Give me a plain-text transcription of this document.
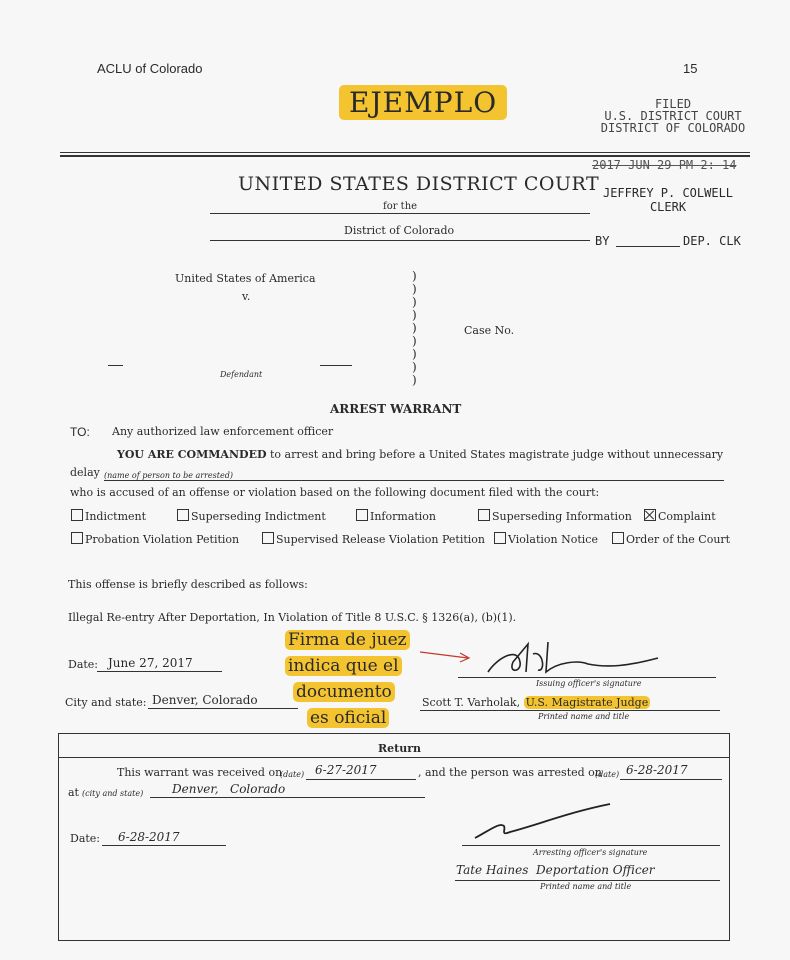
ACLU of Colorado	15
EJEMPLO	FILED
U.S. DISTRICT COURT
DISTRICT OF COLORADO
2017 JUN 29 PM 2: 14
JEFFREY P. COLWELL
CLERK
BY	DEP. CLK
UNITED STATES DISTRICT COURT
for the
District of Colorado
United States of America
v.
)
)
)
)
)
)
)
)
)
Case No.
Defendant
ARREST WARRANT
TO: Any authorized law enforcement officer
YOU ARE COMMANDED to arrest and bring before a United States magistrate judge without unnecessary
delay (name of person to be arrested)
who is accused of an offense or violation based on the following document filed with the court:
Indictment	Superseding Indictment	Information	Superseding Information	Complaint
Probation Violation Petition	Supervised Release Violation Petition	Violation Notice	Order of the Court
This offense is briefly described as follows:
Illegal Re-entry After Deportation, In Violation of Title 8 U.S.C. § 1326(a), (b)(1).
Date: June 27, 2017
City and state: Denver, Colorado
Firma de juez
indica que el
documento
es oficial
Issuing officer's signature
Scott T. Varholak, U.S. Magistrate Judge
Printed name and title
Return
This warrant was received on
(date) 6-27-2017	, and the person was arrested on
(date) 6-28-2017
at (city and state) Denver,   Colorado
Date: 6-28-2017
Arresting officer's signature
Tate Haines  Deportation Officer
Printed name and title
